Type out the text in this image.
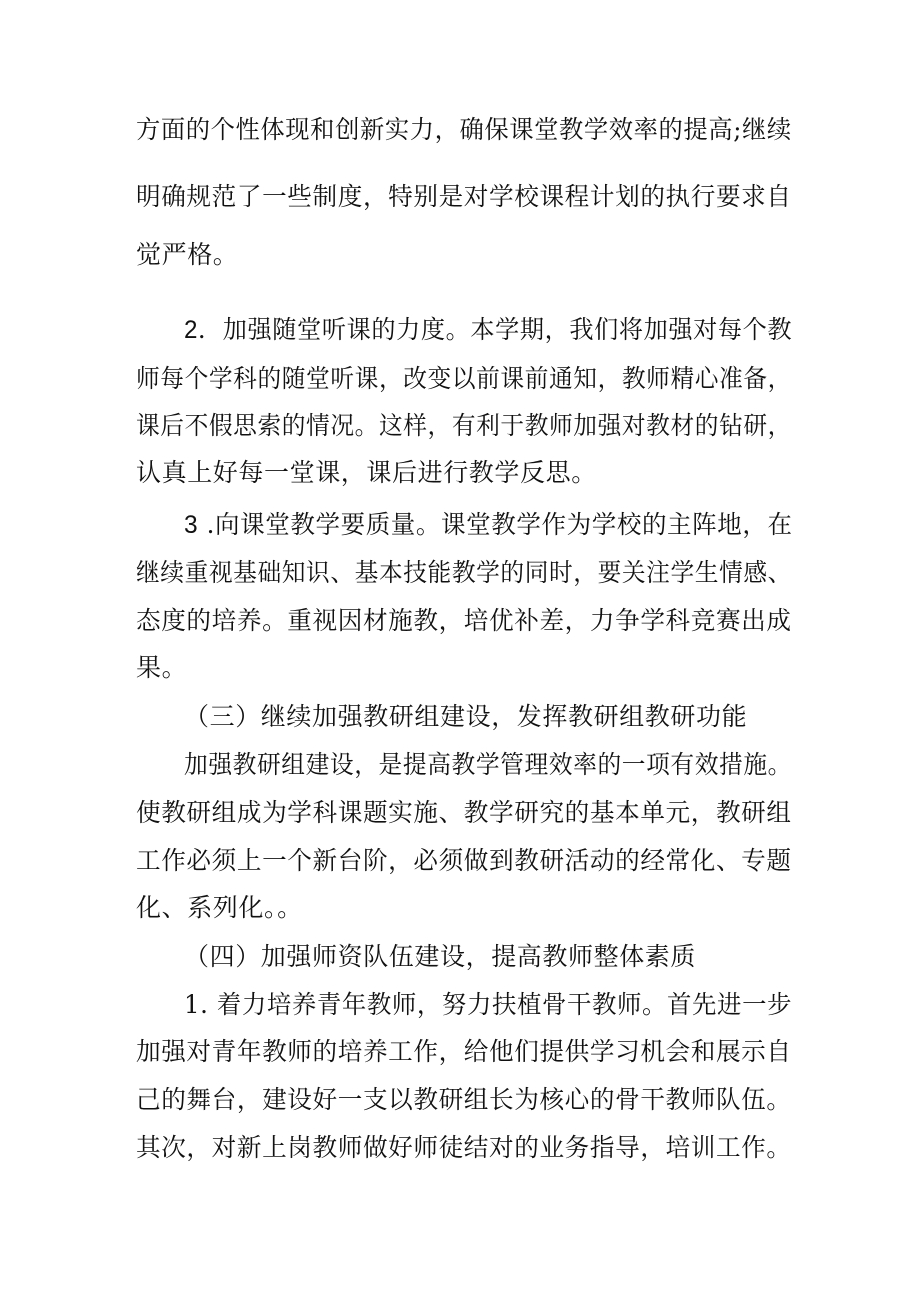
方面的个性体现和创新实力，确保课堂教学效率的提高;继续
明确规范了一些制度，特别是对学校课程计划的执行要求自
觉严格。
2．加强随堂听课的力度。本学期，我们将加强对每个教
师每个学科的随堂听课，改变以前课前通知，教师精心准备，
课后不假思索的情况。这样，有利于教师加强对教材的钻研，
认真上好每一堂课，课后进行教学反思。
3 .向课堂教学要质量。课堂教学作为学校的主阵地，在
继续重视基础知识、基本技能教学的同时，要关注学生情感、
态度的培养。重视因材施教，培优补差，力争学科竞赛出成
果。
（三）继续加强教研组建设，发挥教研组教研功能
加强教研组建设，是提高教学管理效率的一项有效措施。
使教研组成为学科课题实施、教学研究的基本单元，教研组
工作必须上一个新台阶，必须做到教研活动的经常化、专题
化、系列化。。
（四）加强师资队伍建设，提高教师整体素质
1. 着力培养青年教师，努力扶植骨干教师。首先进一步
加强对青年教师的培养工作，给他们提供学习机会和展示自
己的舞台，建设好一支以教研组长为核心的骨干教师队伍。
其次，对新上岗教师做好师徒结对的业务指导，培训工作。
